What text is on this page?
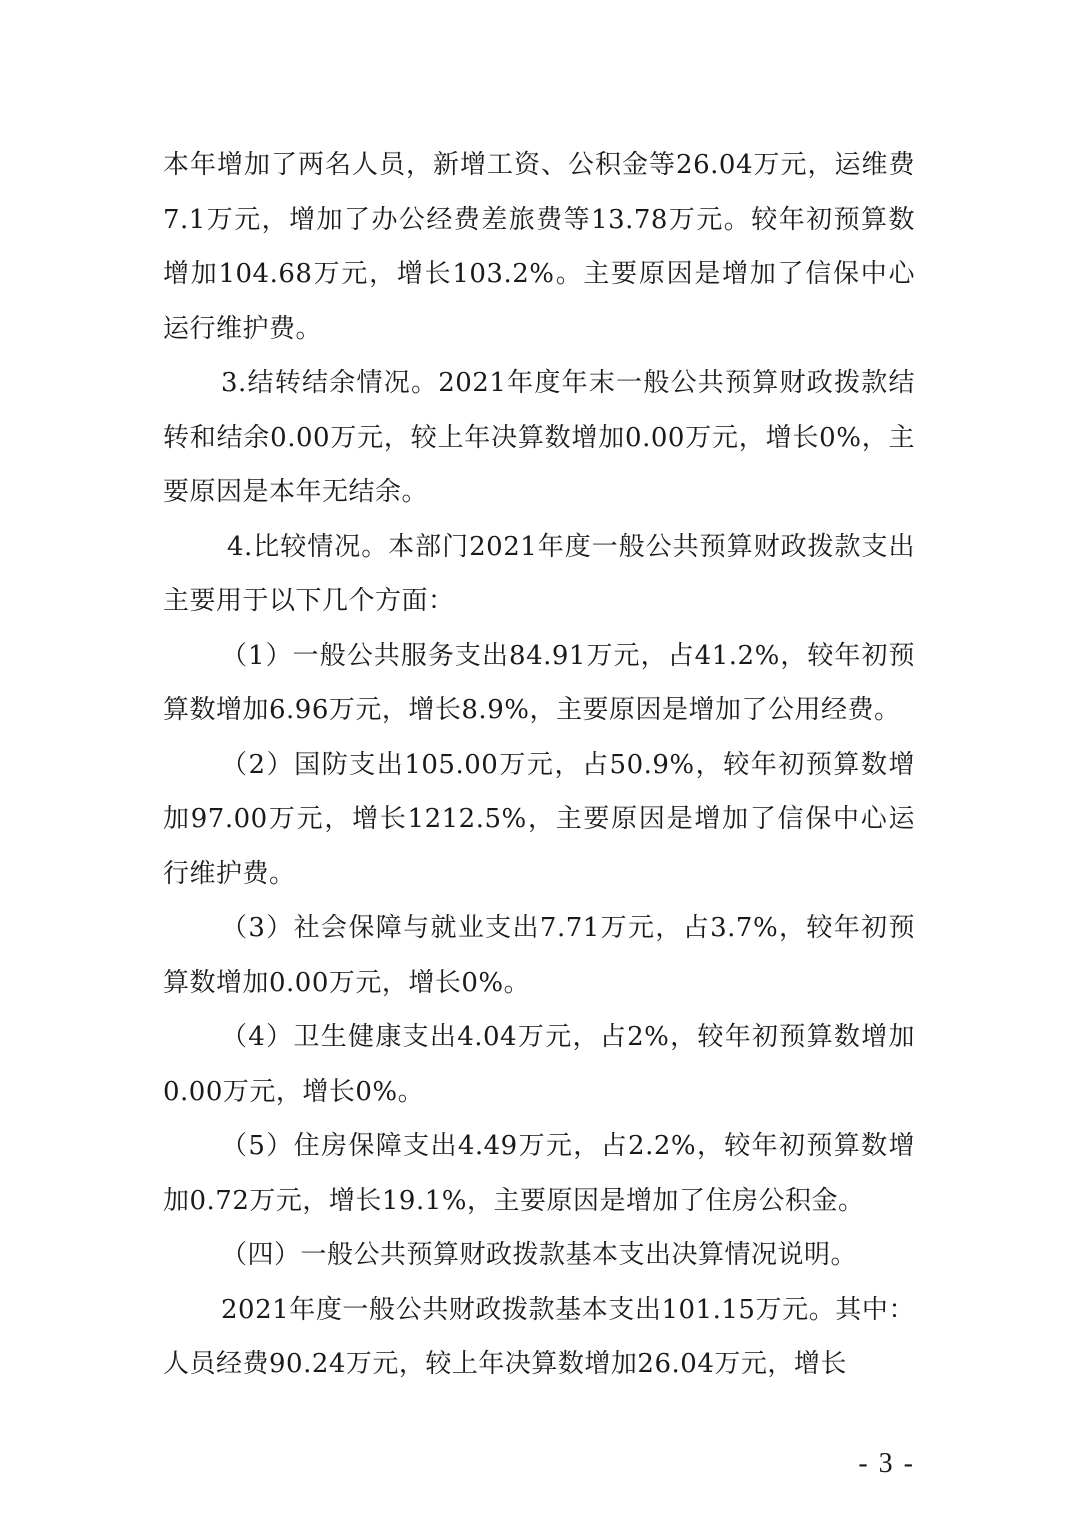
本年增加了两名人员，新增工资、公积金等26.04万元，运维费7.1万元，增加了办公经费差旅费等13.78万元。较年初预算数增加104.68万元，增长103.2%。主要原因是增加了信保中心运行维护费。

3.结转结余情况。2021年度年末一般公共预算财政拨款结转和结余0.00万元，较上年决算数增加0.00万元，增长0%，主要原因是本年无结余。

4.比较情况。本部门2021年度一般公共预算财政拨款支出主要用于以下几个方面：

（1）一般公共服务支出84.91万元，占41.2%，较年初预算数增加6.96万元，增长8.9%，主要原因是增加了公用经费。

（2）国防支出105.00万元，占50.9%，较年初预算数增加97.00万元，增长1212.5%，主要原因是增加了信保中心运行维护费。

（3）社会保障与就业支出7.71万元，占3.7%，较年初预算数增加0.00万元，增长0%。

（4）卫生健康支出4.04万元，占2%，较年初预算数增加0.00万元，增长0%。

（5）住房保障支出4.49万元，占2.2%，较年初预算数增加0.72万元，增长19.1%，主要原因是增加了住房公积金。

（四）一般公共预算财政拨款基本支出决算情况说明。

2021年度一般公共财政拨款基本支出101.15万元。其中：人员经费90.24万元，较上年决算数增加26.04万元，增长

- 3 -
